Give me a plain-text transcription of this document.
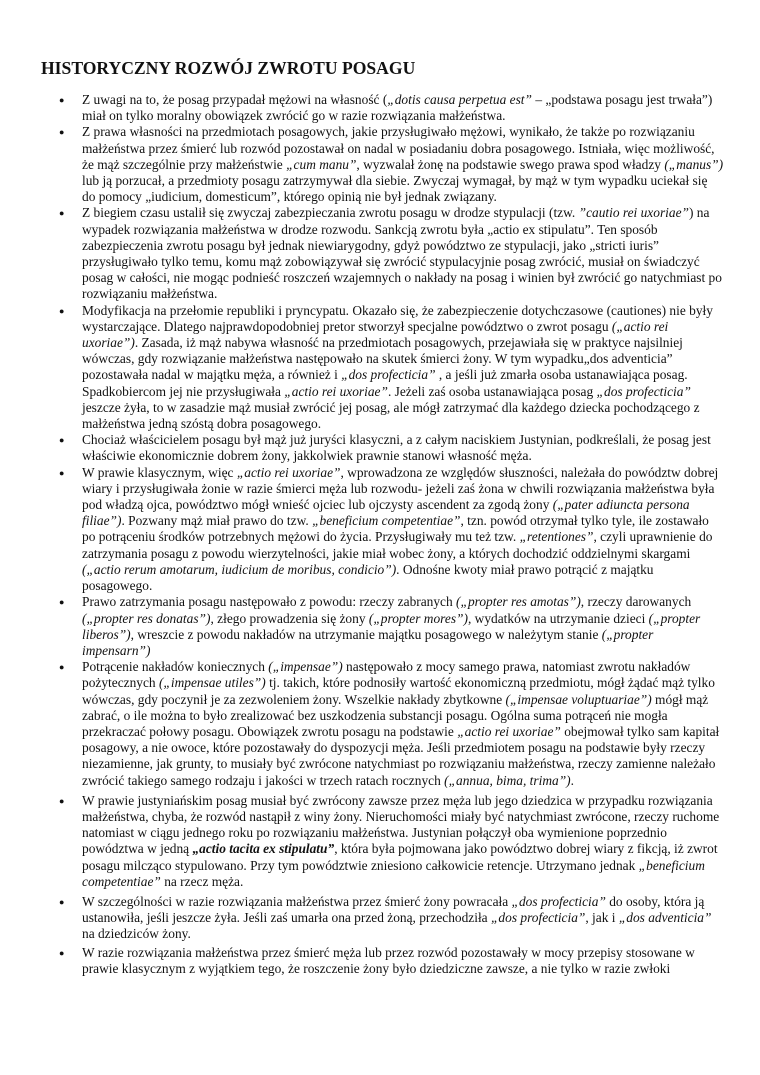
HISTORYCZNY ROZWÓJ ZWROTU POSAGU
● Z uwagi na to, że posag przypadał mężowi na własność („dotis causa perpetua est” – „podstawa posagu jest trwała”) miał on tylko moralny obowiązek zwrócić go w razie rozwiązania małżeństwa.
● Z prawa własności na przedmiotach posagowych, jakie przysługiwało mężowi, wynikało, że także po rozwiązaniu małżeństwa przez śmierć lub rozwód pozostawał on nadal w posiadaniu dobra posagowego. Istniała, więc możliwość, że mąż szczególnie przy małżeństwie „cum manu”, wyzwalał żonę na podstawie swego prawa spod władzy („manus”) lub ją porzucał, a przedmioty posagu zatrzymywał dla siebie. Zwyczaj wymagał, by mąż w tym wypadku uciekał się do pomocy „iudicium, domesticum”, którego opinią nie był jednak związany.
● Z biegiem czasu ustalił się zwyczaj zabezpieczania zwrotu posagu w drodze stypulacji (tzw. ”cautio rei uxoriae”) na wypadek rozwiązania małżeństwa w drodze rozwodu. Sankcją zwrotu była „actio ex stipulatu”. Ten sposób zabezpieczenia zwrotu posagu był jednak niewiarygodny, gdyż powództwo ze stypulacji, jako „stricti iuris” przysługiwało tylko temu, komu mąż zobowiązywał się zwrócić stypulacyjnie posag zwrócić, musiał on świadczyć posag w całości, nie mogąc podnieść roszczeń wzajemnych o nakłady na posag i winien był zwrócić go natychmiast po rozwiązaniu małżeństwa.
● Modyfikacja na przełomie republiki i pryncypatu. Okazało się, że zabezpieczenie dotychczasowe (cautiones) nie były wystarczające. Dlatego najprawdopodobniej pretor stworzył specjalne powództwo o zwrot posagu („actio rei uxoriae”). Zasada, iż mąż nabywa własność na przedmiotach posagowych, przejawiała się w praktyce najsilniej wówczas, gdy rozwiązanie małżeństwa następowało na skutek śmierci żony. W tym wypadku„dos adventicia” pozostawała nadal w majątku męża, a również i „dos profecticia” , a jeśli już zmarła osoba ustanawiająca posag. Spadkobiercom jej nie przysługiwała „actio rei uxoriae”. Jeżeli zaś osoba ustanawiająca posag „dos profecticia” jeszcze żyła, to w zasadzie mąż musiał zwrócić jej posag, ale mógł zatrzymać dla każdego dziecka pochodzącego z małżeństwa jedną szóstą dobra posagowego.
● Chociaż właścicielem posagu był mąż już juryści klasyczni, a z całym naciskiem Justynian, podkreślali, że posag jest właściwie ekonomicznie dobrem żony, jakkolwiek prawnie stanowi własność męża.
● W prawie klasycznym, więc „actio rei uxoriae”, wprowadzona ze względów słuszności, należała do powództw dobrej wiary i przysługiwała żonie w razie śmierci męża lub rozwodu- jeżeli zaś żona w chwili rozwiązania małżeństwa była pod władzą ojca, powództwo mógł wnieść ojciec lub ojczysty ascendent za zgodą żony („pater adiuncta persona filiae”). Pozwany mąż miał prawo do tzw. „beneficium competentiae”, tzn. powód otrzymał tylko tyle, ile zostawało po potrąceniu środków potrzebnych mężowi do życia. Przysługiwały mu też tzw. „retentiones”, czyli uprawnienie do zatrzymania posagu z powodu wierzytelności, jakie miał wobec żony, a których dochodzić oddzielnymi skargami („actio rerum amotarum, iudicium de moribus, condicio”). Odnośne kwoty miał prawo potrącić z majątku posagowego.
● Prawo zatrzymania posagu następowało z powodu: rzeczy zabranych („propter res amotas”), rzeczy darowanych („propter res donatas”), złego prowadzenia się żony („propter mores”), wydatków na utrzymanie dzieci („propter liberos”), wreszcie z powodu nakładów na utrzymanie majątku posagowego w należytym stanie („propter impensarn”)
● Potrącenie nakładów koniecznych („impensae”) następowało z mocy samego prawa, natomiast zwrotu nakładów pożytecznych („impensae utiles”) tj. takich, które podnosiły wartość ekonomiczną przedmiotu, mógł żądać mąż tylko wówczas, gdy poczynił je za zezwoleniem żony. Wszelkie nakłady zbytkowne („impensae voluptuariae”) mógł mąż zabrać, o ile można to było zrealizować bez uszkodzenia substancji posagu. Ogólna suma potrąceń nie mogła przekraczać połowy posagu. Obowiązek zwrotu posagu na podstawie „actio rei uxoriae” obejmował tylko sam kapitał posagowy, a nie owoce, które pozostawały do dyspozycji męża. Jeśli przedmiotem posagu na podstawie były rzeczy niezamienne, jak grunty, to musiały być zwrócone natychmiast po rozwiązaniu małżeństwa, rzeczy zamienne należało zwrócić takiego samego rodzaju i jakości w trzech ratach rocznych („annua, bima, trima”).
● W prawie justyniańskim posag musiał być zwrócony zawsze przez męża lub jego dziedzica w przypadku rozwiązania małżeństwa, chyba, że rozwód nastąpił z winy żony. Nieruchomości miały być natychmiast zwrócone, rzeczy ruchome natomiast w ciągu jednego roku po rozwiązaniu małżeństwa. Justynian połączył oba wymienione poprzednio powództwa w jedną „actio tacita ex stipulatu”, która była pojmowana jako powództwo dobrej wiary z fikcją, iż zwrot posagu milcząco stypulowano. Przy tym powództwie zniesiono całkowicie retencje. Utrzymano jednak „beneficium competentiae” na rzecz męża.
● W szczególności w razie rozwiązania małżeństwa przez śmierć żony powracała „dos profecticia” do osoby, która ją ustanowiła, jeśli jeszcze żyła. Jeśli zaś umarła ona przed żoną, przechodziła „dos profecticia”, jak i „dos adventicia” na dziedziców żony.
● W razie rozwiązania małżeństwa przez śmierć męża lub przez rozwód pozostawały w mocy przepisy stosowane w prawie klasycznym z wyjątkiem tego, że roszczenie żony było dziedziczne zawsze, a nie tylko w razie zwłoki
